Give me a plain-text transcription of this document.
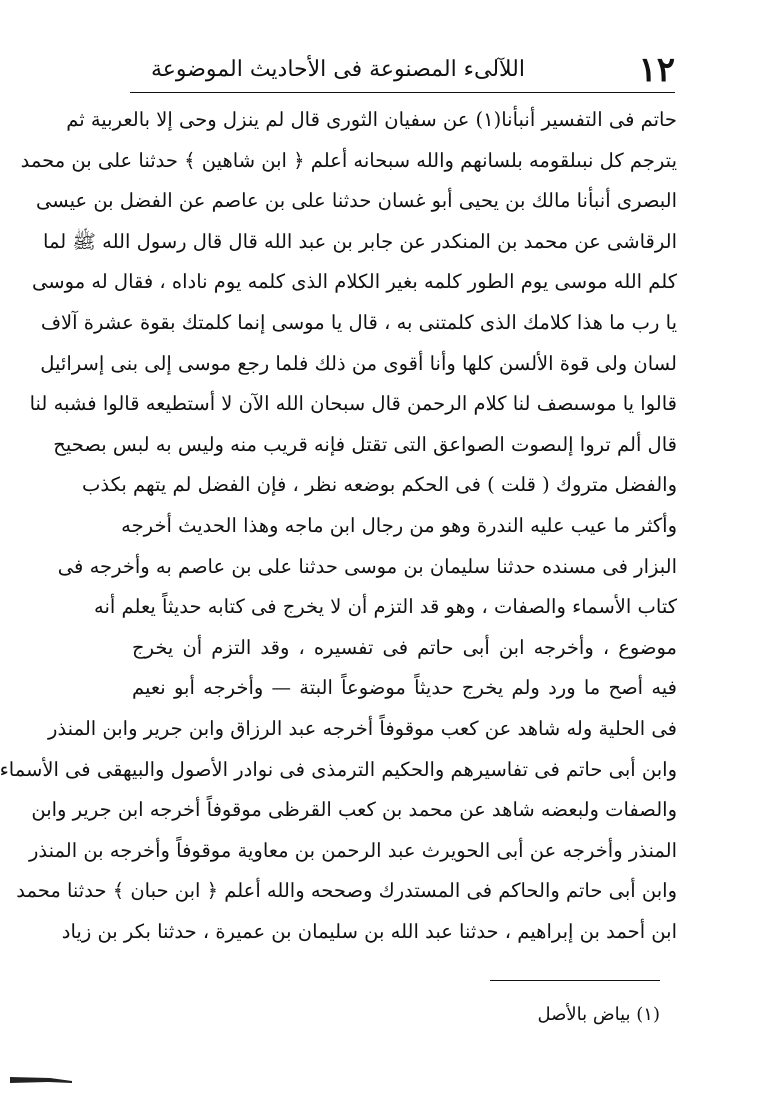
١٢
اللآلىء المصنوعة فى الأحاديث الموضوعة
حاتم فى التفسير أنبأنا(١) عن سفيان الثورى قال لم ينزل وحى إلا بالعربية ثم
يترجم كل نبىلقومه بلسانهم والله سبحانه أعلم ﴿ ابن شاهين ﴾ حدثنا على بن محمد
البصرى أنبأنا مالك بن يحيى أبو غسان حدثنا على بن عاصم عن الفضل بن عيسى
الرقاشى عن محمد بن المنكدر عن جابر بن عبد الله قال قال رسول الله ﷺ لما
كلم الله موسى يوم الطور كلمه بغير الكلام الذى كلمه يوم ناداه ، فقال له موسى
يا رب ما هذا كلامك الذى كلمتنى به ، قال يا موسى إنما كلمتك بقوة عشرة آلاف
لسان ولى قوة الألسن كلها وأنا أقوى من ذلك فلما رجع موسى إلى بنى إسرائيل
قالوا يا موسىصف لنا كلام الرحمن قال سبحان الله الآن لا أستطيعه قالوا فشبه لنا
قال ألم تروا إلىصوت الصواعق التى تقتل فإنه قريب منه وليس به لبس بصحيح
والفضل متروك ( قلت ) فى الحكم بوضعه نظر ، فإن الفضل لم يتهم بكذب
وأكثر ما عيب عليه الندرة وهو من رجال ابن ماجه وهذا الحديث أخرجه
البزار فى مسنده حدثنا سليمان بن موسى حدثنا على بن عاصم به وأخرجه فى
كتاب الأسماء والصفات ، وهو قد التزم أن لا يخرج فى كتابه حديثاً يعلم أنه
موضوع ، وأخرجه ابن أبى حاتم فى تفسيره ، وقد التزم أن يخرج
فيه أصح ما ورد ولم يخرج حديثاً موضوعاً البتة — وأخرجه أبو نعيم
فى الحلية وله شاهد عن كعب موقوفاً أخرجه عبد الرزاق وابن جرير وابن المنذر
وابن أبى حاتم فى تفاسيرهم والحكيم الترمذى فى نوادر الأصول والبيهقى فى الأسماء
والصفات ولبعضه شاهد عن محمد بن كعب القرظى موقوفاً أخرجه ابن جرير وابن
المنذر وأخرجه عن أبى الحويرث عبد الرحمن بن معاوية موقوفاً وأخرجه بن المنذر
وابن أبى حاتم والحاكم فى المستدرك وصححه والله أعلم ﴿ ابن حبان ﴾ حدثنا محمد
ابن أحمد بن إبراهيم ، حدثنا عبد الله بن سليمان بن عميرة ، حدثنا بكر بن زياد
(١) بياض بالأصل
